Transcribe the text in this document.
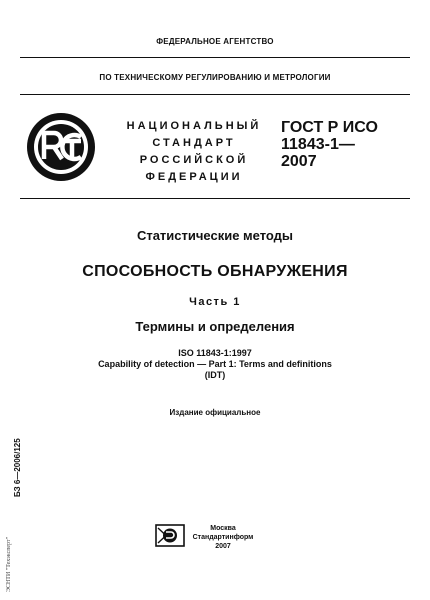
ФЕДЕРАЛЬНОЕ АГЕНТСТВО
ПО ТЕХНИЧЕСКОМУ РЕГУЛИРОВАНИЮ И МЕТРОЛОГИИ
НАЦИОНАЛЬНЫЙ
СТАНДАРТ
РОССИЙСКОЙ
ФЕДЕРАЦИИ
ГОСТ Р ИСО
11843-1—
2007
Статистические методы
СПОСОБНОСТЬ ОБНАРУЖЕНИЯ
Часть 1
Термины и определения
ISO 11843-1:1997
Capability of detection — Part 1: Terms and definitions
(IDT)
Издание официальное
БЗ 6—2006/125
ЭСНТИ "Техэксперт"
Москва
Стандартинформ
2007
